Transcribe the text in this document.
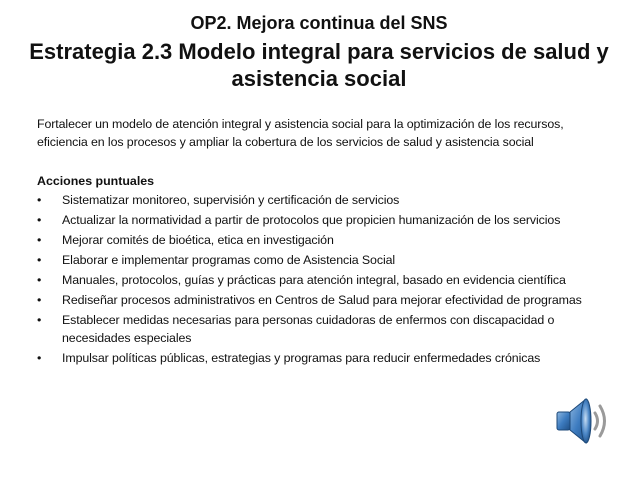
OP2. Mejora continua del SNS
Estrategia 2.3 Modelo integral para servicios de salud y asistencia social
Fortalecer un modelo de atención integral y asistencia social para la optimización de los recursos, eficiencia en los procesos y ampliar la cobertura de los servicios de salud y asistencia social
Acciones puntuales
• Sistematizar monitoreo, supervisión y certificación de servicios
• Actualizar la normatividad a partir de protocolos que propicien humanización de los servicios
• Mejorar comités de bioética, etica en investigación
• Elaborar e implementar programas como de Asistencia Social
• Manuales, protocolos, guías y prácticas para atención integral, basado en evidencia científica
• Rediseñar procesos administrativos en Centros de Salud para mejorar efectividad de programas
• Establecer medidas necesarias para personas cuidadoras de enfermos con discapacidad o necesidades especiales
• Impulsar políticas públicas, estrategias y programas para reducir enfermedades crónicas
